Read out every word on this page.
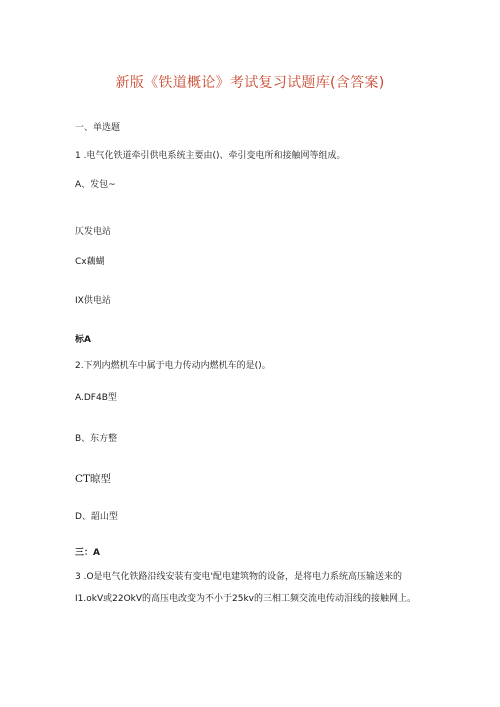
新版《铁道概论》考试复习试题库(含答案)
一、单选题
1 .电气化铁道牵引供电系统主要由()、牵引变电所和接触网等组成。
A、发包~
仄发电站
Cx藕蝴
IX供电站
标A
2.下列内燃机车中属于电力传动内燃机车的是()。
A.DF4B型
B、东方整
CT晾型
D、韶山型
三：A
3 .O是电气化铁路沿线安装有变电'配电建筑物的设备，是将电力系统高压输送来的I1.okV或22OkV的高压电改变为不小于25kv的三相工频交流电传动泪线的接触网上。
